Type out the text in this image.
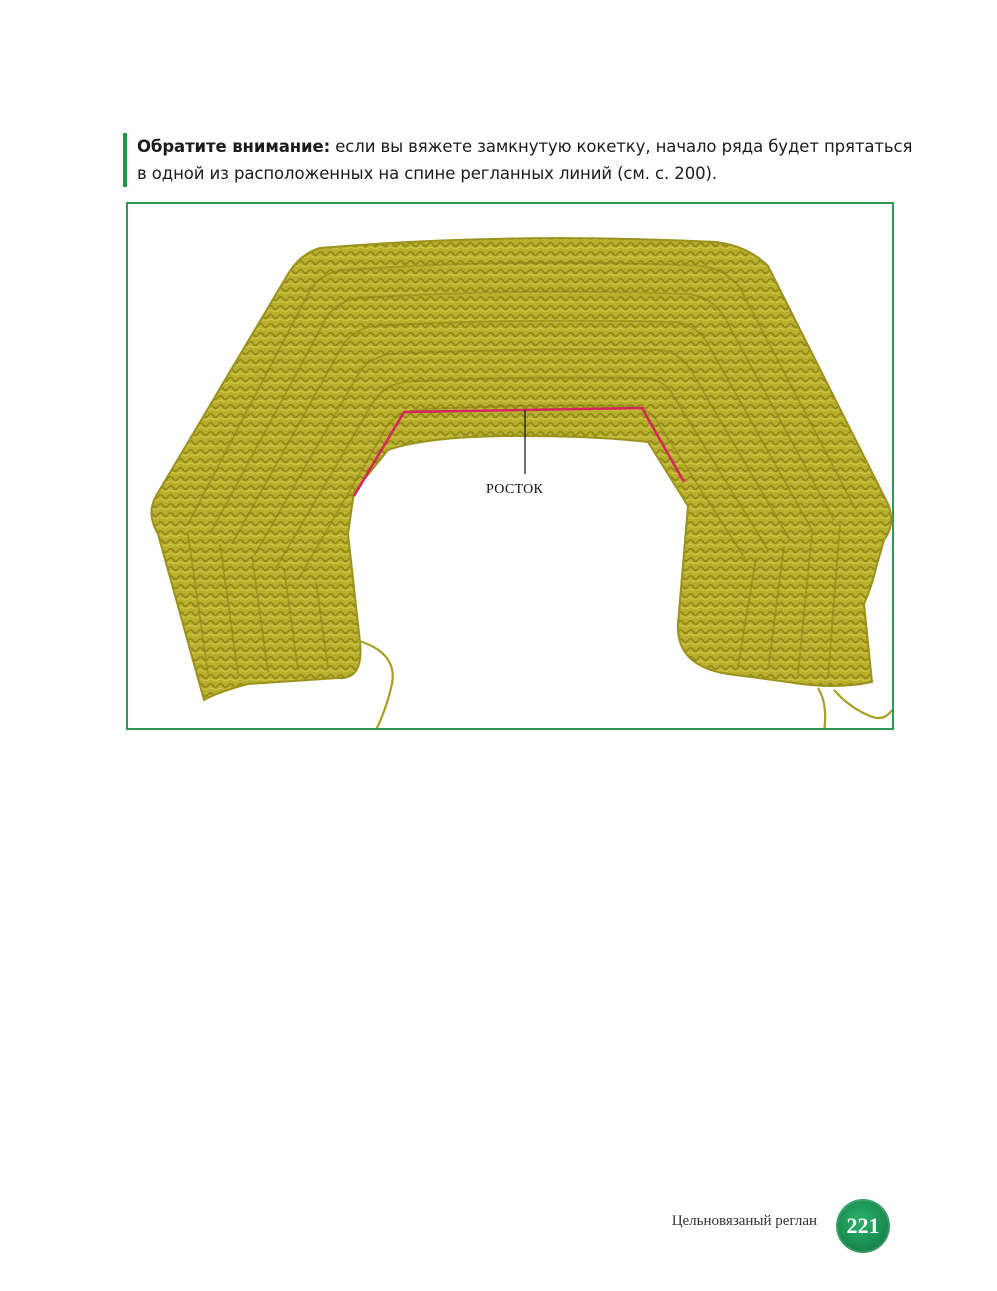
Обратите внимание: если вы вяжете замкнутую кокетку, начало ряда будет прятаться в одной из расположенных на спине регланных линий (см. с. 200).
РОСТОК
Цельновязаный реглан	221
